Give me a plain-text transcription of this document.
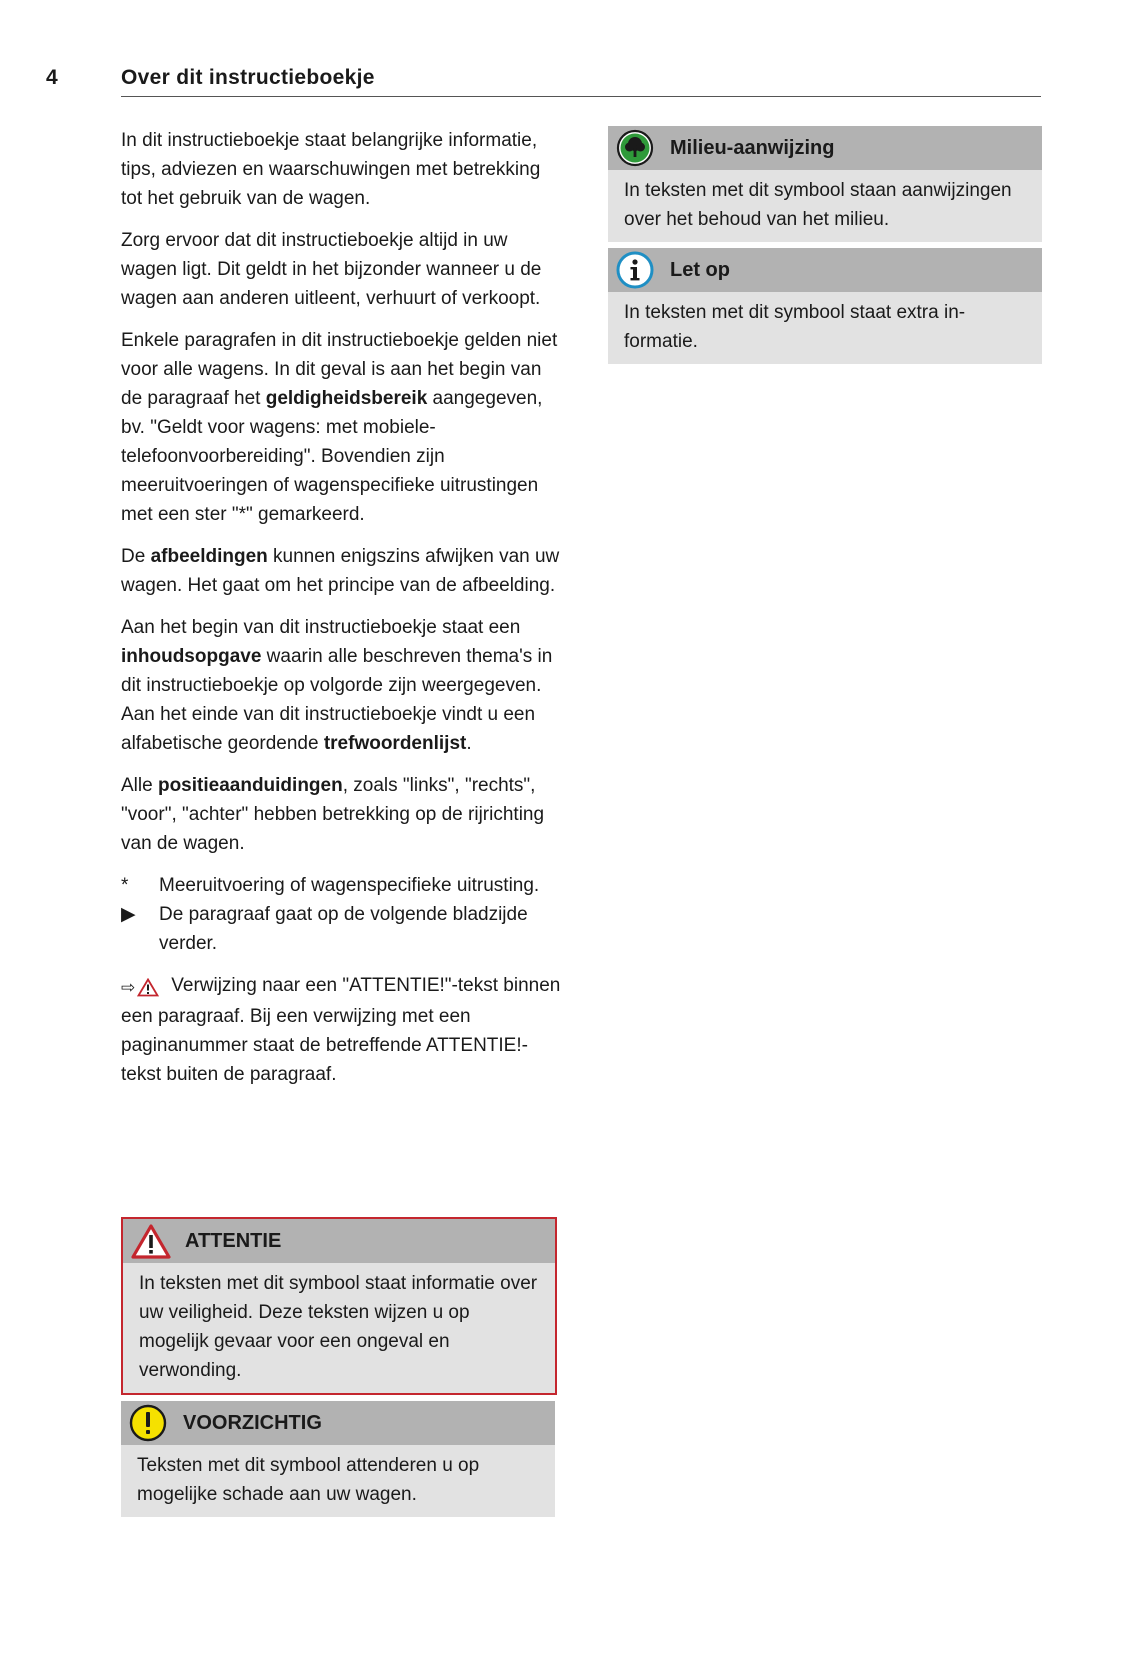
4	Over dit instructieboekje

In dit instructieboekje staat belangrijke informatie, tips, adviezen en waarschuwingen met betrekking tot het gebruik van de wagen.

Zorg ervoor dat dit instructieboekje altijd in uw wagen ligt. Dit geldt in het bijzonder wanneer u de wagen aan anderen uitleent, verhuurt of verkoopt.

Enkele paragrafen in dit instructieboekje gelden niet voor alle wagens. In dit geval is aan het begin van de paragraaf het geldigheidsbereik aangegeven, bv. "Geldt voor wagens: met mobiele-telefoonvoorbereiding". Bovendien zijn meeruitvoeringen of wagenspecifieke uitrustingen met een ster "*" gemarkeerd.

De afbeeldingen kunnen enigszins afwijken van uw wagen. Het gaat om het principe van de afbeelding.

Aan het begin van dit instructieboekje staat een inhoudsopgave waarin alle beschreven thema's in dit instructieboekje op volgorde zijn weergegeven. Aan het einde van dit instructieboekje vindt u een alfabetische geordende trefwoordenlijst.

Alle positieaanduidingen, zoals "links", "rechts", "voor", "achter" hebben betrekking op de rijrichting van de wagen.

*	Meeruitvoering of wagenspecifieke uitrusting.
▶	De paragraaf gaat op de volgende bladzijde verder.

⇨ Verwijzing naar een "ATTENTIE!"-tekst binnen een paragraaf. Bij een verwijzing met een paginanummer staat de betreffende ATTENTIE!-tekst buiten de paragraaf.

ATTENTIE
In teksten met dit symbool staat informatie over uw veiligheid. Deze teksten wijzen u op mogelijk gevaar voor een ongeval en verwonding.
VOORZICHTIG
Teksten met dit symbool attenderen u op mogelijke schade aan uw wagen.
Milieu-aanwijzing
In teksten met dit symbool staan aanwijzingen over het behoud van het milieu.
Let op
In teksten met dit symbool staat extra informatie.
